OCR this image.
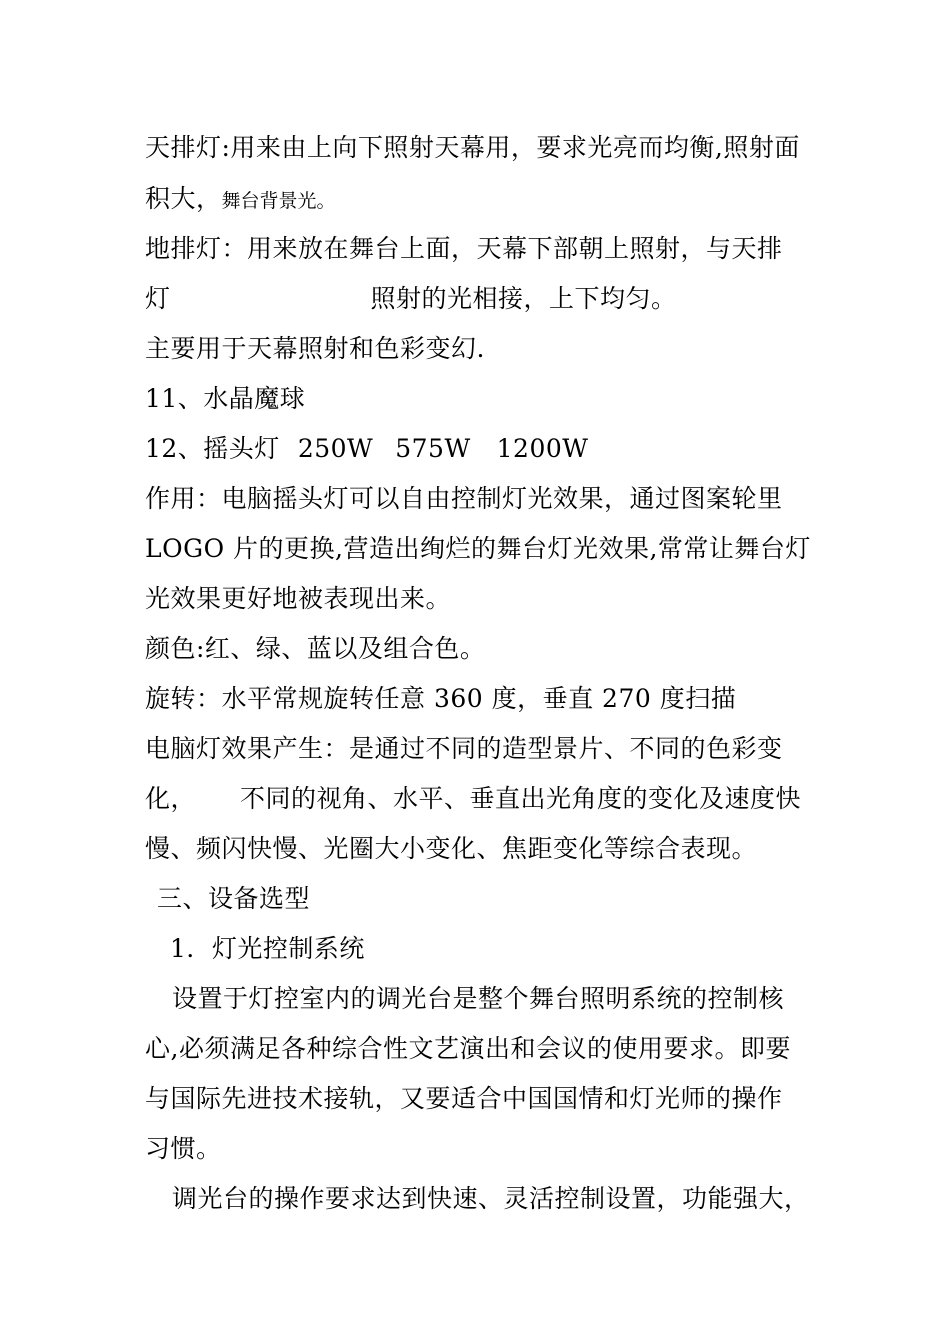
天排灯:用来由上向下照射天幕用，要求光亮而均衡,照射面
积大，舞台背景光。
地排灯：用来放在舞台上面，天幕下部朝上照射，与天排
灯	照射的光相接，上下均匀。
主要用于天幕照射和色彩变幻.
11、水晶魔球
12、摇头灯 250W 575W 1200W
作用：电脑摇头灯可以自由控制灯光效果，通过图案轮里
LOGO 片的更换,营造出绚烂的舞台灯光效果,常常让舞台灯
光效果更好地被表现出来。
颜色:红、绿、蓝以及组合色。
旋转：水平常规旋转任意 360 度，垂直 270 度扫描
电脑灯效果产生：是通过不同的造型景片、不同的色彩变
化， 不同的视角、水平、垂直出光角度的变化及速度快
慢、频闪快慢、光圈大小变化、焦距变化等综合表现。
三、设备选型
1．灯光控制系统
设置于灯控室内的调光台是整个舞台照明系统的控制核
心,必须满足各种综合性文艺演出和会议的使用要求。即要
与国际先进技术接轨，又要适合中国国情和灯光师的操作
习惯。
调光台的操作要求达到快速、灵活控制设置，功能强大，
